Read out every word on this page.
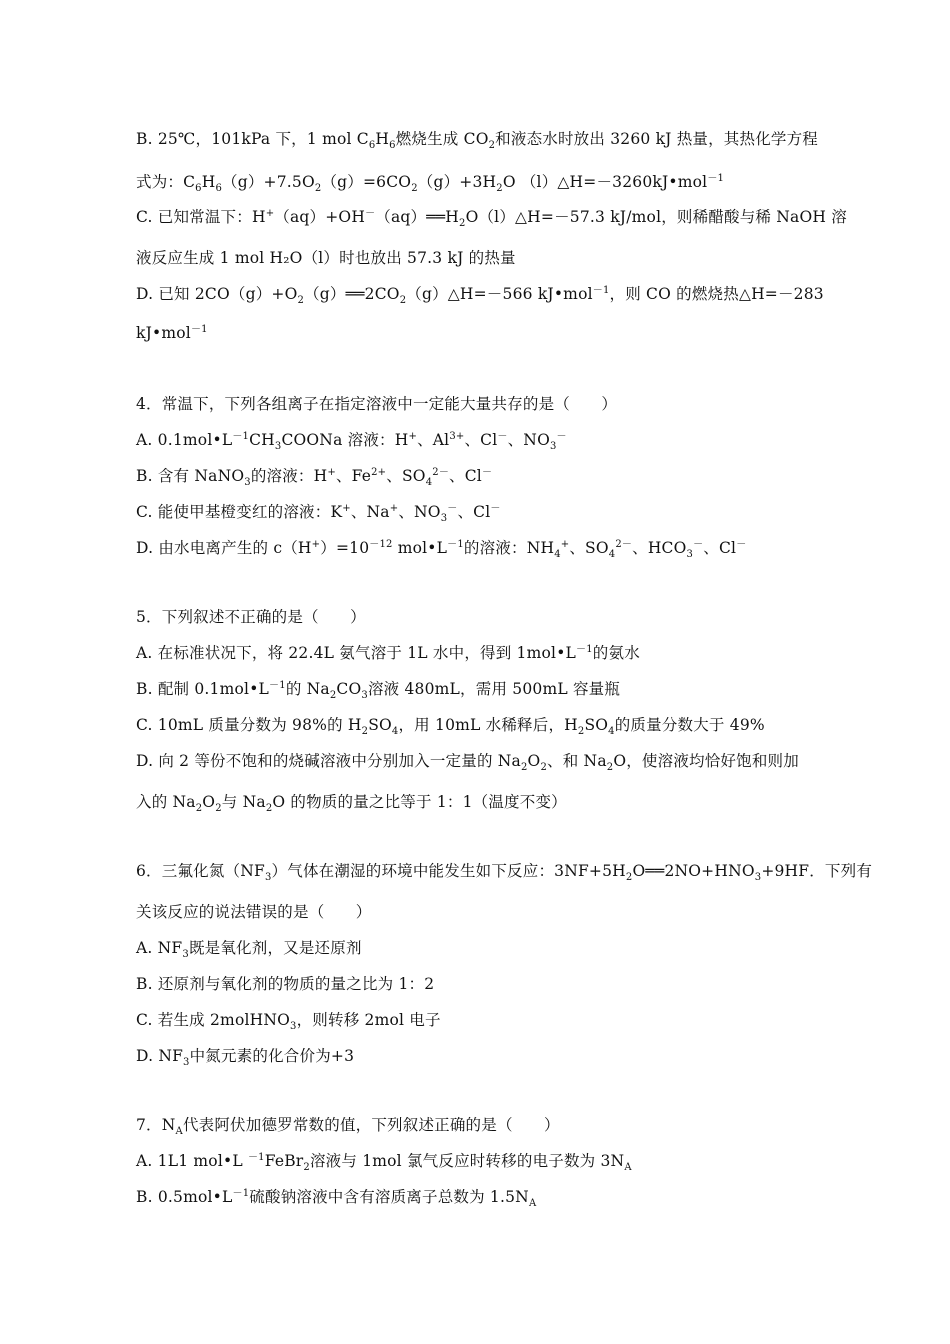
B. 25℃，101kPa 下，1 mol $C_6H_6$燃烧生成 $CO_2$和液态水时放出 3260 kJ 热量，其热化学方程
式为：$C_6H_6(g)+7.5O_2(g)=6CO_2(g)+3H_2O$ （l）△H=－3260kJ•mol$^{-1}$
C. 已知常温下：$H^+(aq)+OH^-(aq)══H_2O(l)\triangle H=-57.3$ kJ/mol，则稀醋酸与稀 NaOH 溶
液反应生成 1 mol H₂O（l）时也放出 57.3 kJ 的热量
D. 已知 $2CO(g)+O_2(g)══2CO_2(g)\triangle H=-566$ kJ•mol$^{-1}$，则 CO 的燃烧热△H=－283
kJ•mol$^{-1}$
4．常温下，下列各组离子在指定溶液中一定能大量共存的是（　　）
A. $0.1mol•L^{-1}CH_3COONa$ 溶液：H+、$Al^{3+}$、Cl－、$NO_3^-$
B. 含有 NaNO$_3$的溶液：H+、$Fe^{2+}$、$SO_4^{2-}$、Cl－
C. 能使甲基橙变红的溶液：K+、Na+、$NO_3^-$、Cl－
D. 由水电离产生的 $c(H^+)=10^{-12}$ $mol•L^{-1}$的溶液：$NH_4^+$、$SO_4^{2-}$、$HCO_3^-$、Cl－
5．下列叙述不正确的是（　　）
A. 在标准状况下，将 22.4L 氨气溶于 1L 水中，得到 $1mol•L^{-1}$的氨水
B. 配制 $0.1mol•L^{-1}$的 $Na_2CO_3$溶液 480mL，需用 500mL 容量瓶
C. 10mL 质量分数为 98%的 $H_2SO_4$，用 10mL 水稀释后，$H_2SO_4$的质量分数大于 49%
D. 向 2 等份不饱和的烧碱溶液中分别加入一定量的 $Na_2O_2$、和 $Na_2O$，使溶液均恰好饱和则加
入的 $Na_2O_2$与 $Na_2O$ 的物质的量之比等于 1：1（温度不变）
6．三氟化氮$(NF_3)$气体在潮湿的环境中能发生如下反应：$3NF+5H_2O══2NO+HNO_3+9HF$．下列有
关该反应的说法错误的是（　　）
A. $NF_3$既是氧化剂，又是还原剂
B. 还原剂与氧化剂的物质的量之比为 1：2
C. 若生成 2molHNO$_3$，则转移 2mol 电子
D. $NF_3$中氮元素的化合价为+3
7．$N_A$代表阿伏加德罗常数的值，下列叙述正确的是（　　）
A. 1L1 mol•L $^{-1}$FeBr$_2$溶液与 1mol 氯气反应时转移的电子数为 $3N_A$
B. $0.5mol•L^{-1}$硫酸钠溶液中含有溶质离子总数为 $1.5N_A$
